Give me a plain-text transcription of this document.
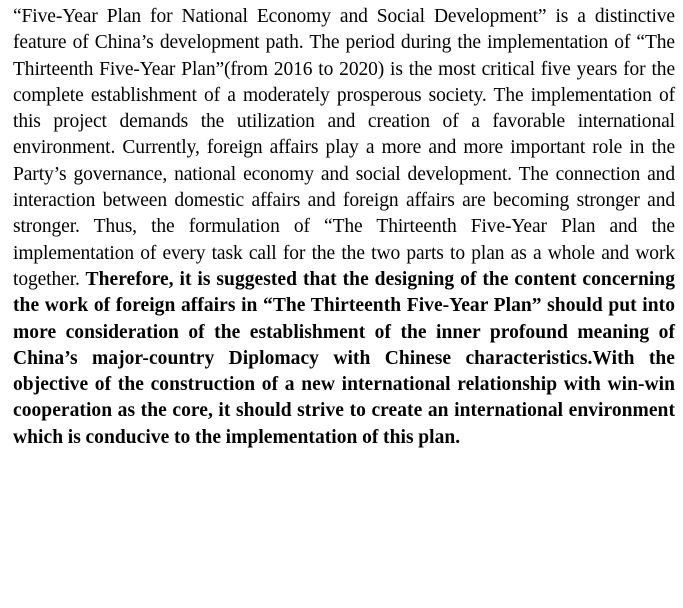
“Five-Year Plan for National Economy and Social Development” is a distinctive feature of China’s development path. The period during the implementation of “The Thirteenth Five-Year Plan”(from 2016 to 2020) is the most critical five years for the complete establishment of a moderately prosperous society. The implementation of this project demands the utilization and creation of a favorable international environment. Currently, foreign affairs play a more and more important role in the Party’s governance, national economy and social development. The connection and interaction between domestic affairs and foreign affairs are becoming stronger and stronger. Thus, the formulation of “The Thirteenth Five-Year Plan and the implementation of every task call for the the two parts to plan as a whole and work together. Therefore, it is suggested that the designing of the content concerning the work of foreign affairs in “The Thirteenth Five-Year Plan” should put into more consideration of the establishment of the inner profound meaning of China’s major-country Diplomacy with Chinese characteristics.With the objective of the construction of a new international relationship with win-win cooperation as the core, it should strive to create an international environment which is conducive to the implementation of this plan.
